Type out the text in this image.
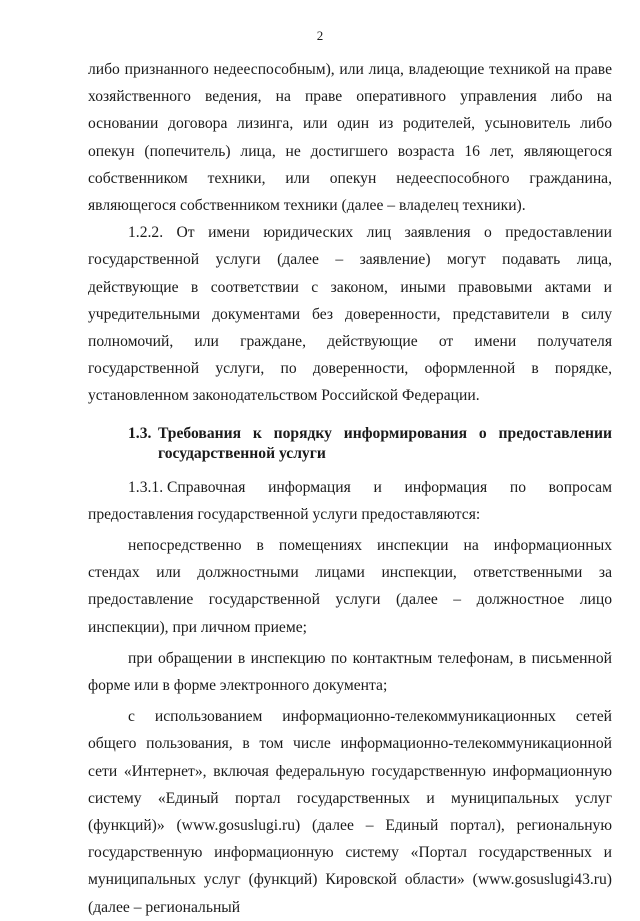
2

либо признанного недееспособным), или лица, владеющие техникой на праве хозяйственного ведения, на праве оперативного управления либо на основании договора лизинга, или один из родителей, усыновитель либо опекун (попечитель) лица, не достигшего возраста 16 лет, являющегося собственником техники, или опекун недееспособного гражданина, являющегося собственником техники (далее – владелец техники).

1.2.2. От имени юридических лиц заявления о предоставлении государственной услуги (далее – заявление) могут подавать лица, действующие в соответствии с законом, иными правовыми актами и учредительными документами без доверенности, представители в силу полномочий, или граждане, действующие от имени получателя государственной услуги, по доверенности, оформленной в порядке, установленном законодательством Российской Федерации.

1.3. Требования к порядку информирования о предоставлении государственной услуги
1.3.1. Справочная информация и информация по вопросам

предоставления государственной услуги предоставляются:

непосредственно в помещениях инспекции на информационных стендах или должностными лицами инспекции, ответственными за предоставление государственной услуги (далее – должностное лицо инспекции), при личном приеме;

при обращении в инспекцию по контактным телефонам, в письменной форме или в форме электронного документа;

с использованием информационно-телекоммуникационных сетей общего пользования, в том числе информационно-телекоммуникационной сети «Интернет», включая федеральную государственную информационную систему «Единый портал государственных и муниципальных услуг (функций)» (www.gosuslugi.ru) (далее – Единый портал), региональную государственную информационную систему «Портал государственных и муниципальных услуг (функций) Кировской области» (www.gosuslugi43.ru) (далее – региональный
